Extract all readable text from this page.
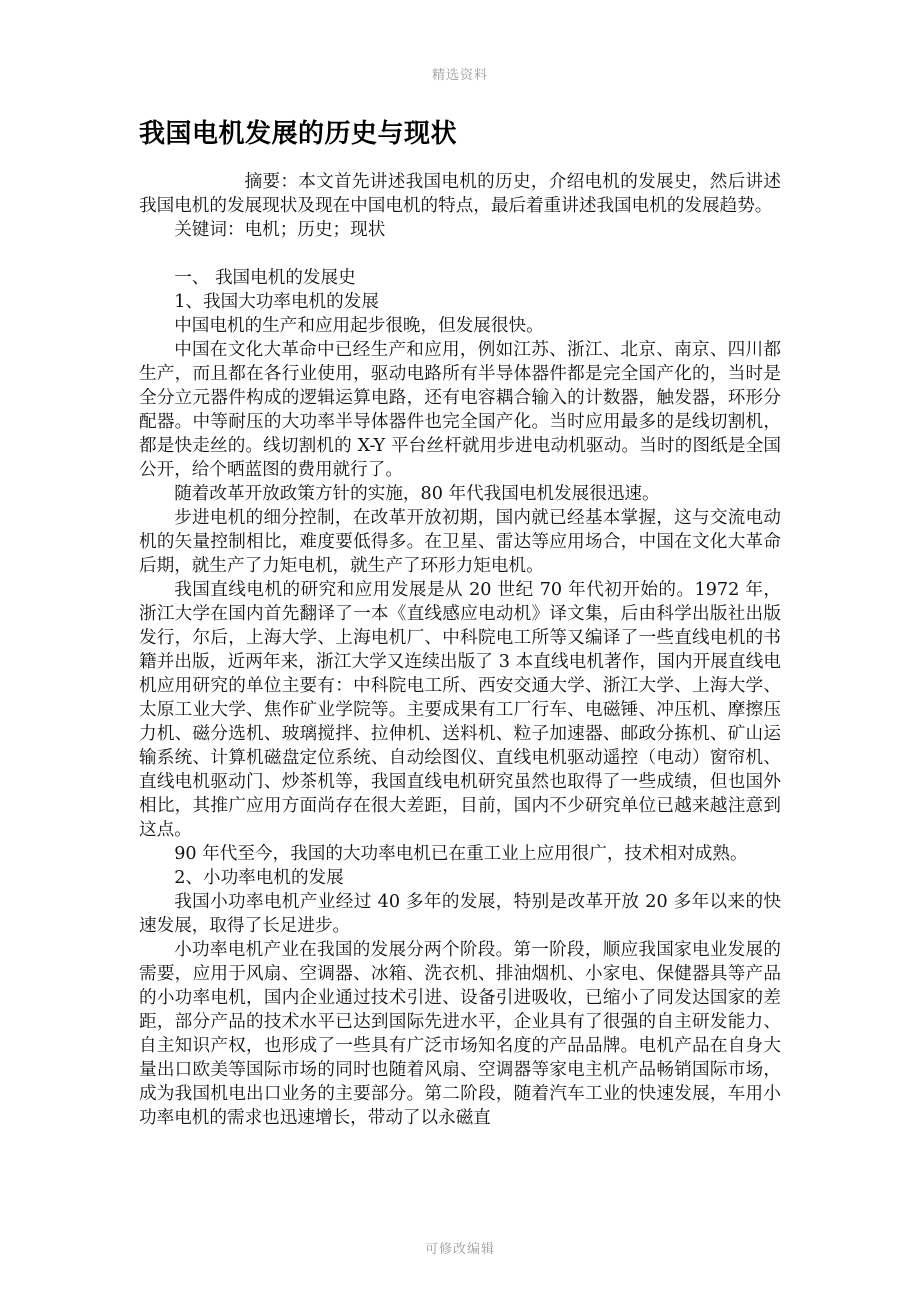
精选资料
我国电机发展的历史与现状

摘要：本文首先讲述我国电机的历史，介绍电机的发展史，然后讲述我国电机的发展现状及现在中国电机的特点，最后着重讲述我国电机的发展趋势。

关键词：电机；历史；现状

一、 我国电机的发展史

1、我国大功率电机的发展

中国电机的生产和应用起步很晚，但发展很快。

中国在文化大革命中已经生产和应用，例如江苏、浙江、北京、南京、四川都生产，而且都在各行业使用，驱动电路所有半导体器件都是完全国产化的，当时是全分立元器件构成的逻辑运算电路，还有电容耦合输入的计数器，触发器，环形分配器。中等耐压的大功率半导体器件也完全国产化。当时应用最多的是线切割机，都是快走丝的。线切割机的 X-Y 平台丝杆就用步进电动机驱动。当时的图纸是全国公开，给个晒蓝图的费用就行了。

随着改革开放政策方针的实施，80 年代我国电机发展很迅速。

步进电机的细分控制，在改革开放初期，国内就已经基本掌握，这与交流电动机的矢量控制相比，难度要低得多。在卫星、雷达等应用场合，中国在文化大革命后期，就生产了力矩电机，就生产了环形力矩电机。

我国直线电机的研究和应用发展是从 20 世纪 70 年代初开始的。1972 年，浙江大学在国内首先翻译了一本《直线感应电动机》译文集，后由科学出版社出版发行，尔后，上海大学、上海电机厂、中科院电工所等又编译了一些直线电机的书籍并出版，近两年来，浙江大学又连续出版了 3 本直线电机著作，国内开展直线电机应用研究的单位主要有：中科院电工所、西安交通大学、浙江大学、上海大学、太原工业大学、焦作矿业学院等。主要成果有工厂行车、电磁锤、冲压机、摩擦压力机、磁分选机、玻璃搅拌、拉伸机、送料机、粒子加速器、邮政分拣机、矿山运输系统、计算机磁盘定位系统、自动绘图仪、直线电机驱动遥控（电动）窗帘机、直线电机驱动门、炒茶机等，我国直线电机研究虽然也取得了一些成绩，但也国外相比，其推广应用方面尚存在很大差距，目前，国内不少研究单位已越来越注意到这点。

90 年代至今，我国的大功率电机已在重工业上应用很广，技术相对成熟。

2、小功率电机的发展

我国小功率电机产业经过 40 多年的发展，特别是改革开放 20 多年以来的快速发展，取得了长足进步。

小功率电机产业在我国的发展分两个阶段。第一阶段，顺应我国家电业发展的需要，应用于风扇、空调器、冰箱、洗衣机、排油烟机、小家电、保健器具等产品的小功率电机，国内企业通过技术引进、设备引进吸收，已缩小了同发达国家的差距，部分产品的技术水平已达到国际先进水平，企业具有了很强的自主研发能力、自主知识产权，也形成了一些具有广泛市场知名度的产品品牌。电机产品在自身大量出口欧美等国际市场的同时也随着风扇、空调器等家电主机产品畅销国际市场，成为我国机电出口业务的主要部分。第二阶段，随着汽车工业的快速发展，车用小功率电机的需求也迅速增长，带动了以永磁直

可修改编辑
